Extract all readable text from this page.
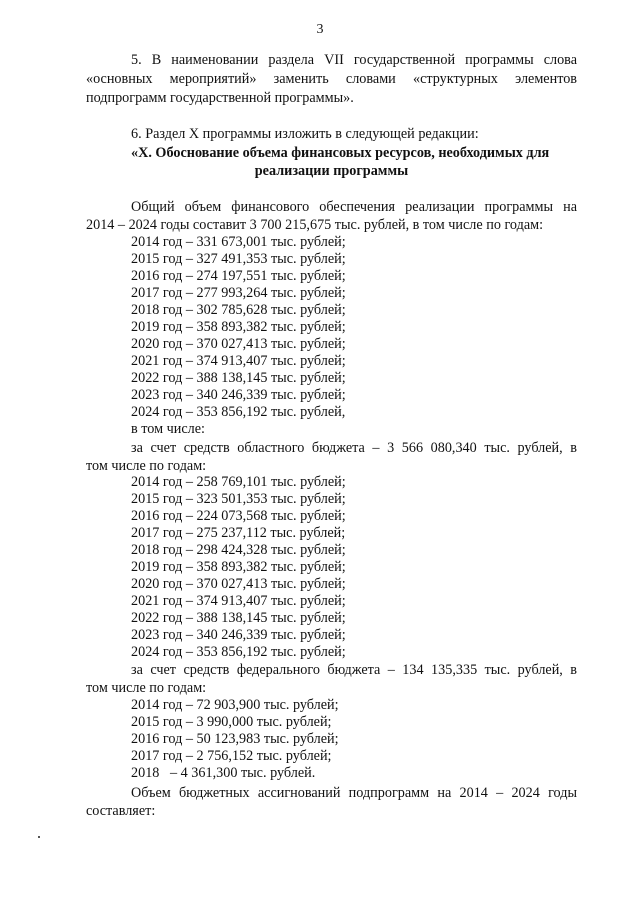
3
5. В наименовании раздела VII государственной программы слова
«основных мероприятий» заменить словами «структурных элементов
подпрограмм государственной программы».
6. Раздел X программы изложить в следующей редакции:
«X. Обоснование объема финансовых ресурсов, необходимых для
реализации программы
Общий объем финансового обеспечения реализации программы на
2014 – 2024 годы составит 3 700 215,675 тыс. рублей, в том числе по годам:
2014 год – 331 673,001 тыс. рублей;
2015 год – 327 491,353 тыс. рублей;
2016 год – 274 197,551 тыс. рублей;
2017 год – 277 993,264 тыс. рублей;
2018 год – 302 785,628 тыс. рублей;
2019 год – 358 893,382 тыс. рублей;
2020 год – 370 027,413 тыс. рублей;
2021 год – 374 913,407 тыс. рублей;
2022 год – 388 138,145 тыс. рублей;
2023 год – 340 246,339 тыс. рублей;
2024 год – 353 856,192 тыс. рублей,
в том числе:
за счет средств областного бюджета – 3 566 080,340 тыс. рублей, в
том числе по годам:
2014 год – 258 769,101 тыс. рублей;
2015 год – 323 501,353 тыс. рублей;
2016 год – 224 073,568 тыс. рублей;
2017 год – 275 237,112 тыс. рублей;
2018 год – 298 424,328 тыс. рублей;
2019 год – 358 893,382 тыс. рублей;
2020 год – 370 027,413 тыс. рублей;
2021 год – 374 913,407 тыс. рублей;
2022 год – 388 138,145 тыс. рублей;
2023 год – 340 246,339 тыс. рублей;
2024 год – 353 856,192 тыс. рублей;
за счет средств федерального бюджета – 134 135,335 тыс. рублей, в
том числе по годам:
2014 год – 72 903,900 тыс. рублей;
2015 год – 3 990,000 тыс. рублей;
2016 год – 50 123,983 тыс. рублей;
2017 год – 2 756,152 тыс. рублей;
2018   – 4 361,300 тыс. рублей.
Объем бюджетных ассигнований подпрограмм на 2014 – 2024 годы
составляет:
